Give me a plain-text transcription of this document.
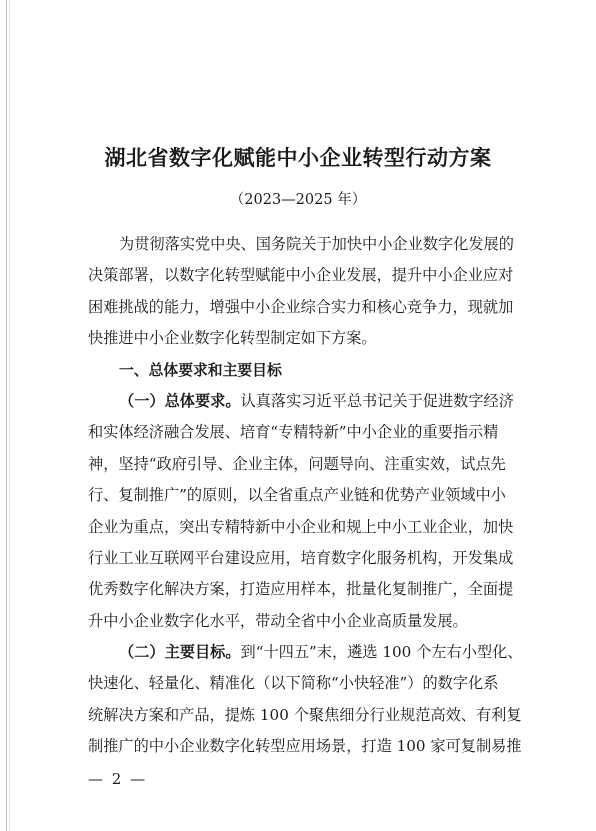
湖北省数字化赋能中小企业转型行动方案
（2023—2025 年）
为贯彻落实党中央、国务院关于加快中小企业数字化发展的
决策部署，以数字化转型赋能中小企业发展，提升中小企业应对
困难挑战的能力，增强中小企业综合实力和核心竞争力，现就加
快推进中小企业数字化转型制定如下方案。
一、总体要求和主要目标
（一）总体要求。认真落实习近平总书记关于促进数字经济
和实体经济融合发展、培育“专精特新”中小企业的重要指示精
神，坚持“政府引导、企业主体，问题导向、注重实效，试点先
行、复制推广”的原则，以全省重点产业链和优势产业领域中小
企业为重点，突出专精特新中小企业和规上中小工业企业，加快
行业工业互联网平台建设应用，培育数字化服务机构，开发集成
优秀数字化解决方案，打造应用样本，批量化复制推广，全面提
升中小企业数字化水平，带动全省中小企业高质量发展。
（二）主要目标。到“十四五”末，遴选 100 个左右小型化、
快速化、轻量化、精准化（以下简称“小快轻准”）的数字化系
统解决方案和产品，提炼 100 个聚焦细分行业规范高效、有利复
制推广的中小企业数字化转型应用场景，打造 100 家可复制易推
— 2 —
